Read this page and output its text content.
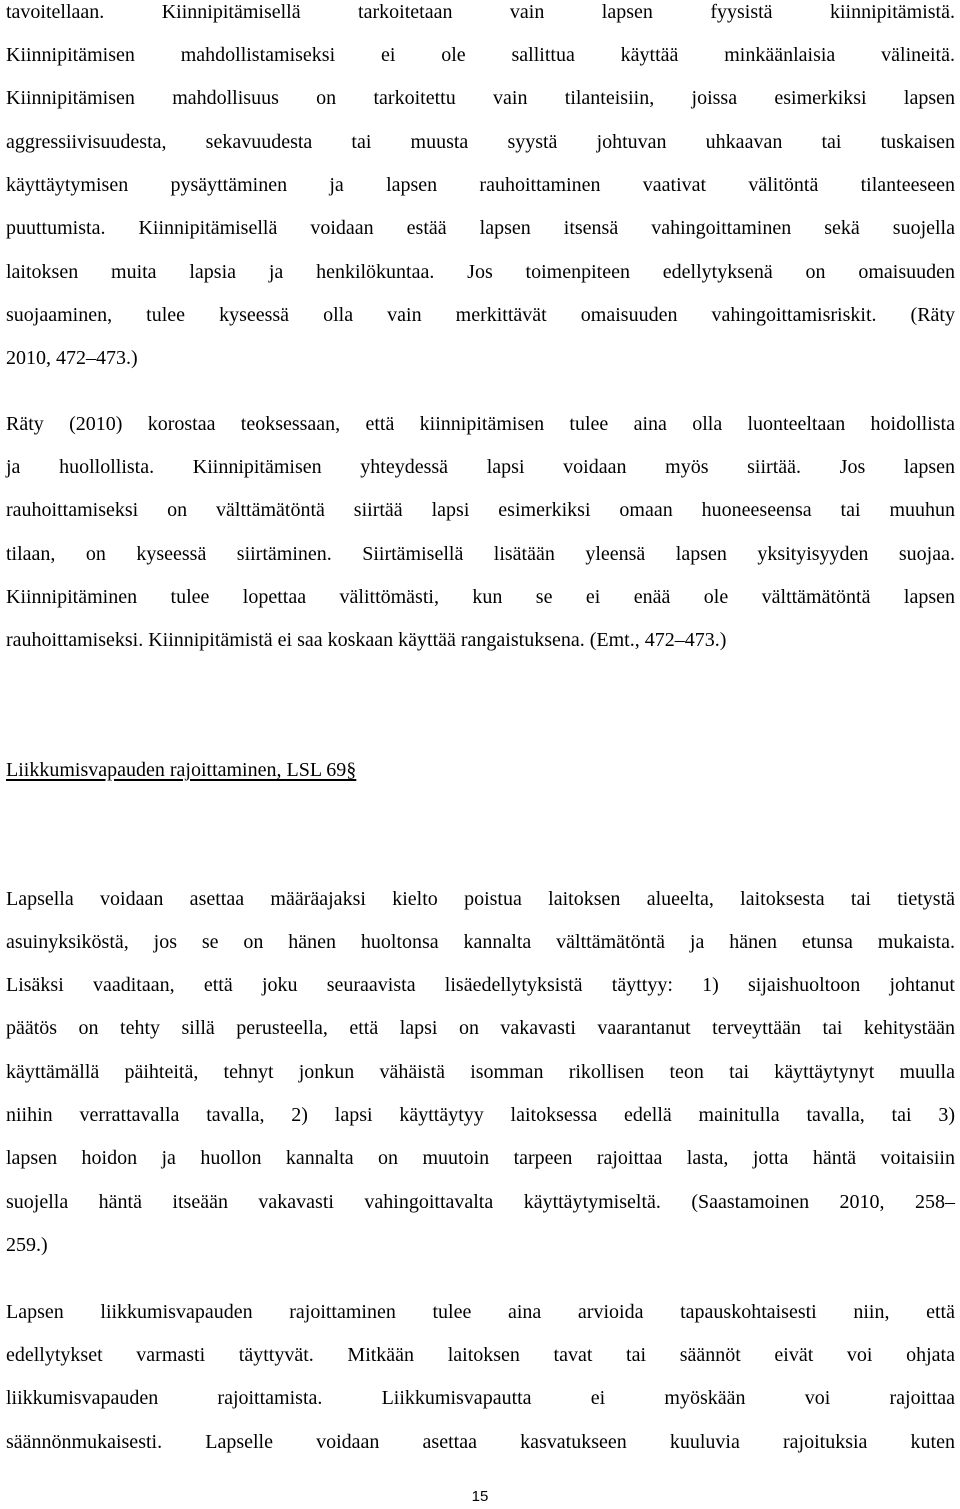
tavoitellaan. Kiinnipitämisellä tarkoitetaan vain lapsen fyysistä kiinnipitämistä.
Kiinnipitämisen mahdollistamiseksi ei ole sallittua käyttää minkäänlaisia välineitä.
Kiinnipitämisen mahdollisuus on tarkoitettu vain tilanteisiin, joissa esimerkiksi lapsen
aggressiivisuudesta, sekavuudesta tai muusta syystä johtuvan uhkaavan tai tuskaisen
käyttäytymisen pysäyttäminen ja lapsen rauhoittaminen vaativat välitöntä tilanteeseen
puuttumista. Kiinnipitämisellä voidaan estää lapsen itsensä vahingoittaminen sekä suojella
laitoksen muita lapsia ja henkilökuntaa. Jos toimenpiteen edellytyksenä on omaisuuden
suojaaminen, tulee kyseessä olla vain merkittävät omaisuuden vahingoittamisriskit. (Räty
2010, 472–473.)
Räty (2010) korostaa teoksessaan, että kiinnipitämisen tulee aina olla luonteeltaan hoidollista
ja huollollista. Kiinnipitämisen yhteydessä lapsi voidaan myös siirtää. Jos lapsen
rauhoittamiseksi on välttämätöntä siirtää lapsi esimerkiksi omaan huoneeseensa tai muuhun
tilaan, on kyseessä siirtäminen. Siirtämisellä lisätään yleensä lapsen yksityisyyden suojaa.
Kiinnipitäminen tulee lopettaa välittömästi, kun se ei enää ole välttämätöntä lapsen
rauhoittamiseksi. Kiinnipitämistä ei saa koskaan käyttää rangaistuksena. (Emt., 472–473.)
Liikkumisvapauden rajoittaminen, LSL 69§
Lapsella voidaan asettaa määräajaksi kielto poistua laitoksen alueelta, laitoksesta tai tietystä
asuinyksiköstä, jos se on hänen huoltonsa kannalta välttämätöntä ja hänen etunsa mukaista.
Lisäksi vaaditaan, että joku seuraavista lisäedellytyksistä täyttyy: 1) sijaishuoltoon johtanut
päätös on tehty sillä perusteella, että lapsi on vakavasti vaarantanut terveyttään tai kehitystään
käyttämällä päihteitä, tehnyt jonkun vähäistä isomman rikollisen teon tai käyttäytynyt muulla
niihin verrattavalla tavalla, 2) lapsi käyttäytyy laitoksessa edellä mainitulla tavalla, tai 3)
lapsen hoidon ja huollon kannalta on muutoin tarpeen rajoittaa lasta, jotta häntä voitaisiin
suojella häntä itseään vakavasti vahingoittavalta käyttäytymiseltä. (Saastamoinen 2010, 258–
259.)
Lapsen liikkumisvapauden rajoittaminen tulee aina arvioida tapauskohtaisesti niin, että
edellytykset varmasti täyttyvät. Mitkään laitoksen tavat tai säännöt eivät voi ohjata
liikkumisvapauden rajoittamista. Liikkumisvapautta ei myöskään voi rajoittaa
säännönmukaisesti. Lapselle voidaan asettaa kasvatukseen kuuluvia rajoituksia kuten
15
